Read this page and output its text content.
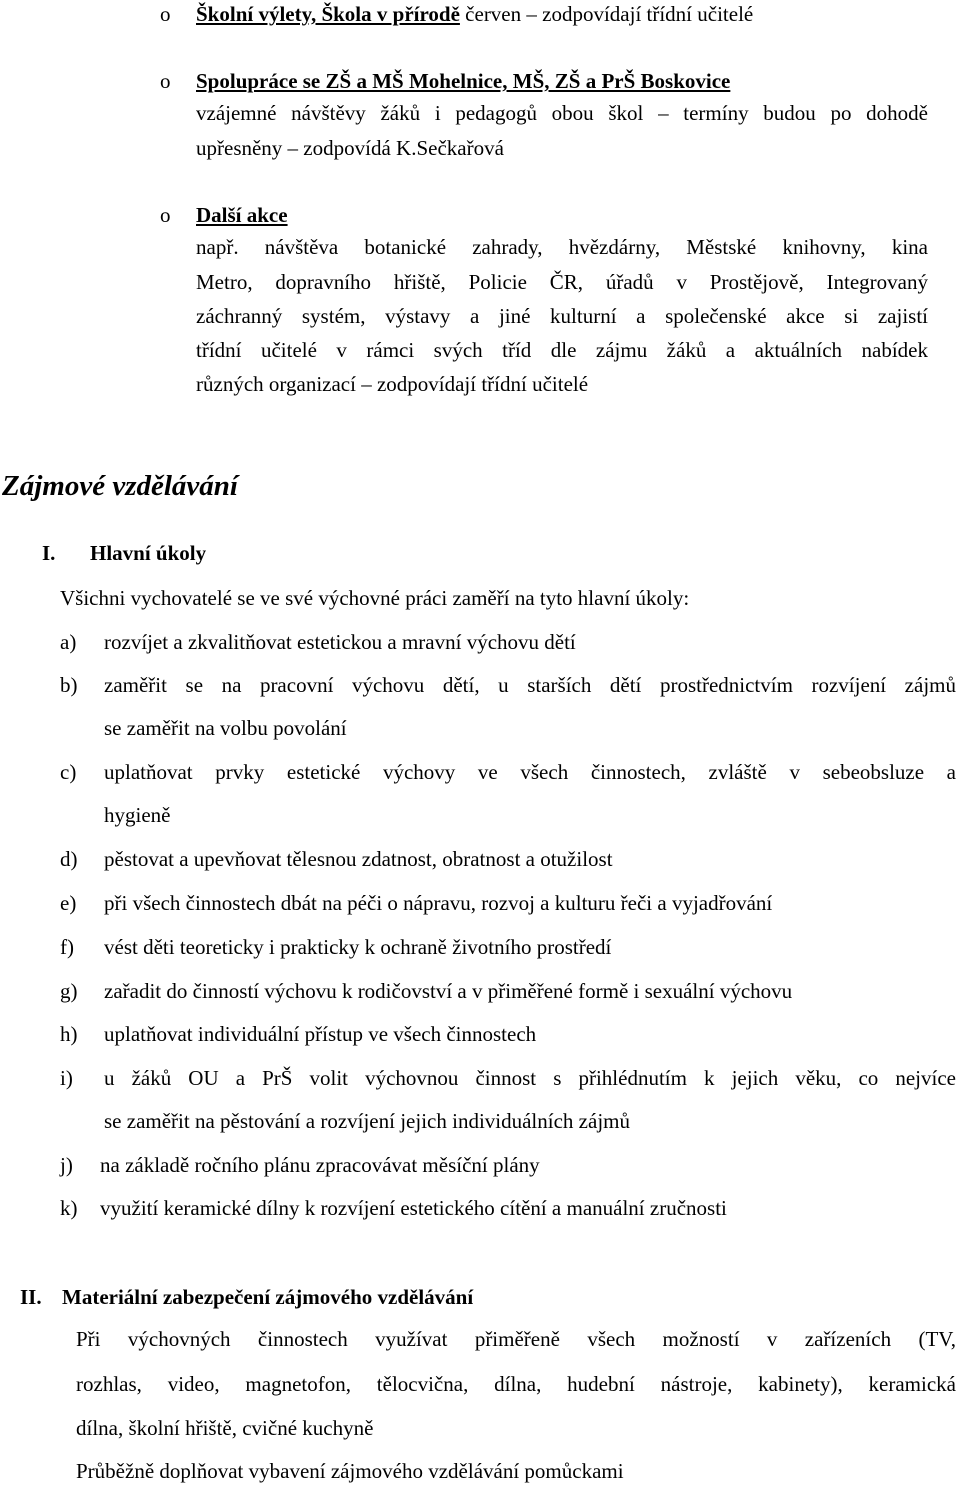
o Školní výlety, Škola v přírodě červen – zodpovídají třídní učitelé
o Spolupráce se ZŠ a MŠ Mohelnice, MŠ, ZŠ a PrŠ Boskovice
vzájemné návštěvy žáků i pedagogů obou škol – termíny budou po dohodě
upřesněny – zodpovídá K.Sečkařová
o Další akce
např. návštěva botanické zahrady, hvězdárny, Městské knihovny, kina
Metro, dopravního hřiště, Policie ČR, úřadů v Prostějově, Integrovaný
záchranný systém, výstavy a jiné kulturní a společenské akce si zajistí
třídní učitelé v rámci svých tříd dle zájmu žáků a aktuálních nabídek
různých organizací – zodpovídají třídní učitelé
Zájmové vzdělávání
I. Hlavní úkoly
Všichni vychovatelé se ve své výchovné práci zaměří na tyto hlavní úkoly:
a) rozvíjet a zkvalitňovat estetickou a mravní výchovu dětí
b) zaměřit se na pracovní výchovu dětí, u starších dětí prostřednictvím rozvíjení zájmů
se zaměřit na volbu povolání
c) uplatňovat prvky estetické výchovy ve všech činnostech, zvláště v sebeobsluze a
hygieně
d) pěstovat a upevňovat tělesnou zdatnost, obratnost a otužilost
e) při všech činnostech dbát na péči o nápravu, rozvoj a kulturu řeči a vyjadřování
f) vést děti teoreticky i prakticky k ochraně životního prostředí
g) zařadit do činností výchovu k rodičovství a v přiměřené formě i sexuální výchovu
h) uplatňovat individuální přístup ve všech činnostech
i) u žáků OU a PrŠ volit výchovnou činnost s přihlédnutím k jejich věku, co nejvíce
se zaměřit na pěstování a rozvíjení jejich individuálních zájmů
j) na základě ročního plánu zpracovávat měsíční plány
k) využití keramické dílny k rozvíjení estetického cítění a manuální zručnosti
II. Materiální zabezpečení zájmového vzdělávání
Při výchovných činnostech využívat přiměřeně všech možností v zařízeních (TV,
rozhlas, video, magnetofon, tělocvična, dílna, hudební nástroje, kabinety), keramická
dílna, školní hřiště, cvičné kuchyně
Průběžně doplňovat vybavení zájmového vzdělávání pomůckami
